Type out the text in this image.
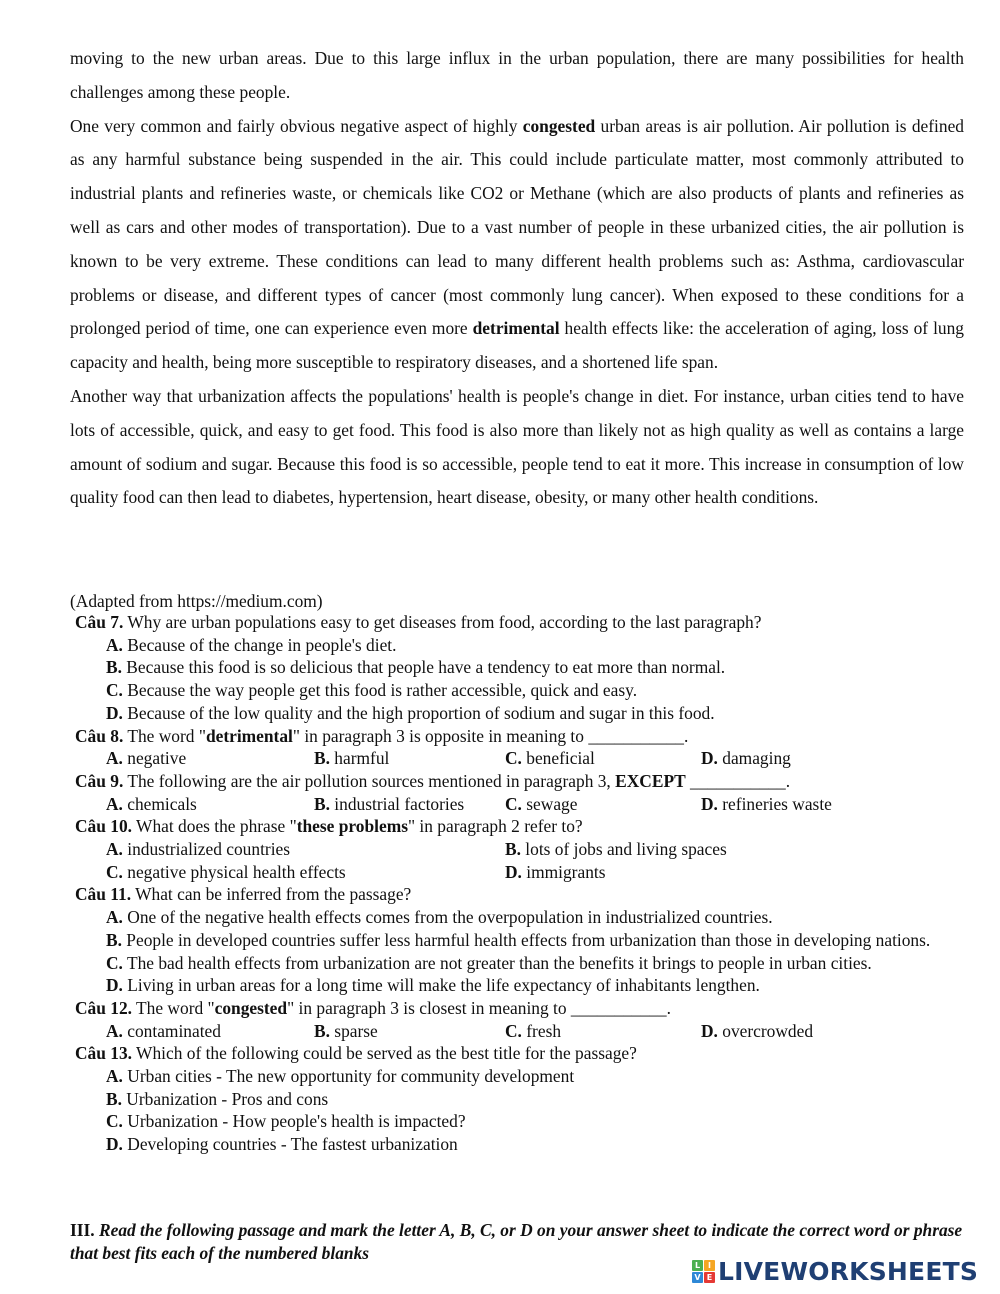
moving to the new urban areas. Due to this large influx in the urban population, there are many possibilities for health challenges among these people.

One very common and fairly obvious negative aspect of highly congested urban areas is air pollution. Air pollution is defined as any harmful substance being suspended in the air. This could include particulate matter, most commonly attributed to industrial plants and refineries waste, or chemicals like CO2 or Methane (which are also products of plants and refineries as well as cars and other modes of transportation). Due to a vast number of people in these urbanized cities, the air pollution is known to be very extreme. These conditions can lead to many different health problems such as: Asthma, cardiovascular problems or disease, and different types of cancer (most commonly lung cancer). When exposed to these conditions for a prolonged period of time, one can experience even more detrimental health effects like: the acceleration of aging, loss of lung capacity and health, being more susceptible to respiratory diseases, and a shortened life span.

Another way that urbanization affects the populations' health is people's change in diet. For instance, urban cities tend to have lots of accessible, quick, and easy to get food. This food is also more than likely not as high quality as well as contains a large amount of sodium and sugar. Because this food is so accessible, people tend to eat it more. This increase in consumption of low quality food can then lead to diabetes, hypertension, heart disease, obesity, or many other health conditions.

(Adapted from https://medium.com)
Câu 7. Why are urban populations easy to get diseases from food, according to the last paragraph?
A. Because of the change in people's diet.
B. Because this food is so delicious that people have a tendency to eat more than normal.
C. Because the way people get this food is rather accessible, quick and easy.
D. Because of the low quality and the high proportion of sodium and sugar in this food.
Câu 8. The word "detrimental" in paragraph 3 is opposite in meaning to ___________.
A. negative	B. harmful	C. beneficial	D. damaging
Câu 9. The following are the air pollution sources mentioned in paragraph 3, EXCEPT ___________.
A. chemicals	B. industrial factories	C. sewage	D. refineries waste
Câu 10. What does the phrase "these problems" in paragraph 2 refer to?
A. industrialized countries	B. lots of jobs and living spaces
C. negative physical health effects	D. immigrants
Câu 11. What can be inferred from the passage?
A. One of the negative health effects comes from the overpopulation in industrialized countries.
B. People in developed countries suffer less harmful health effects from urbanization than those in developing nations.
C. The bad health effects from urbanization are not greater than the benefits it brings to people in urban cities.
D. Living in urban areas for a long time will make the life expectancy of inhabitants lengthen.
Câu 12. The word "congested" in paragraph 3 is closest in meaning to ___________.
A. contaminated	B. sparse	C. fresh	D. overcrowded
Câu 13. Which of the following could be served as the best title for the passage?
A. Urban cities - The new opportunity for community development
B. Urbanization - Pros and cons
C. Urbanization - How people's health is impacted?
D. Developing countries - The fastest urbanization
III. Read the following passage and mark the letter A, B, C, or D on your answer sheet to indicate the correct word or phrase that best fits each of the numbered blanks
L I
V E LIVEWORKSHEETS
